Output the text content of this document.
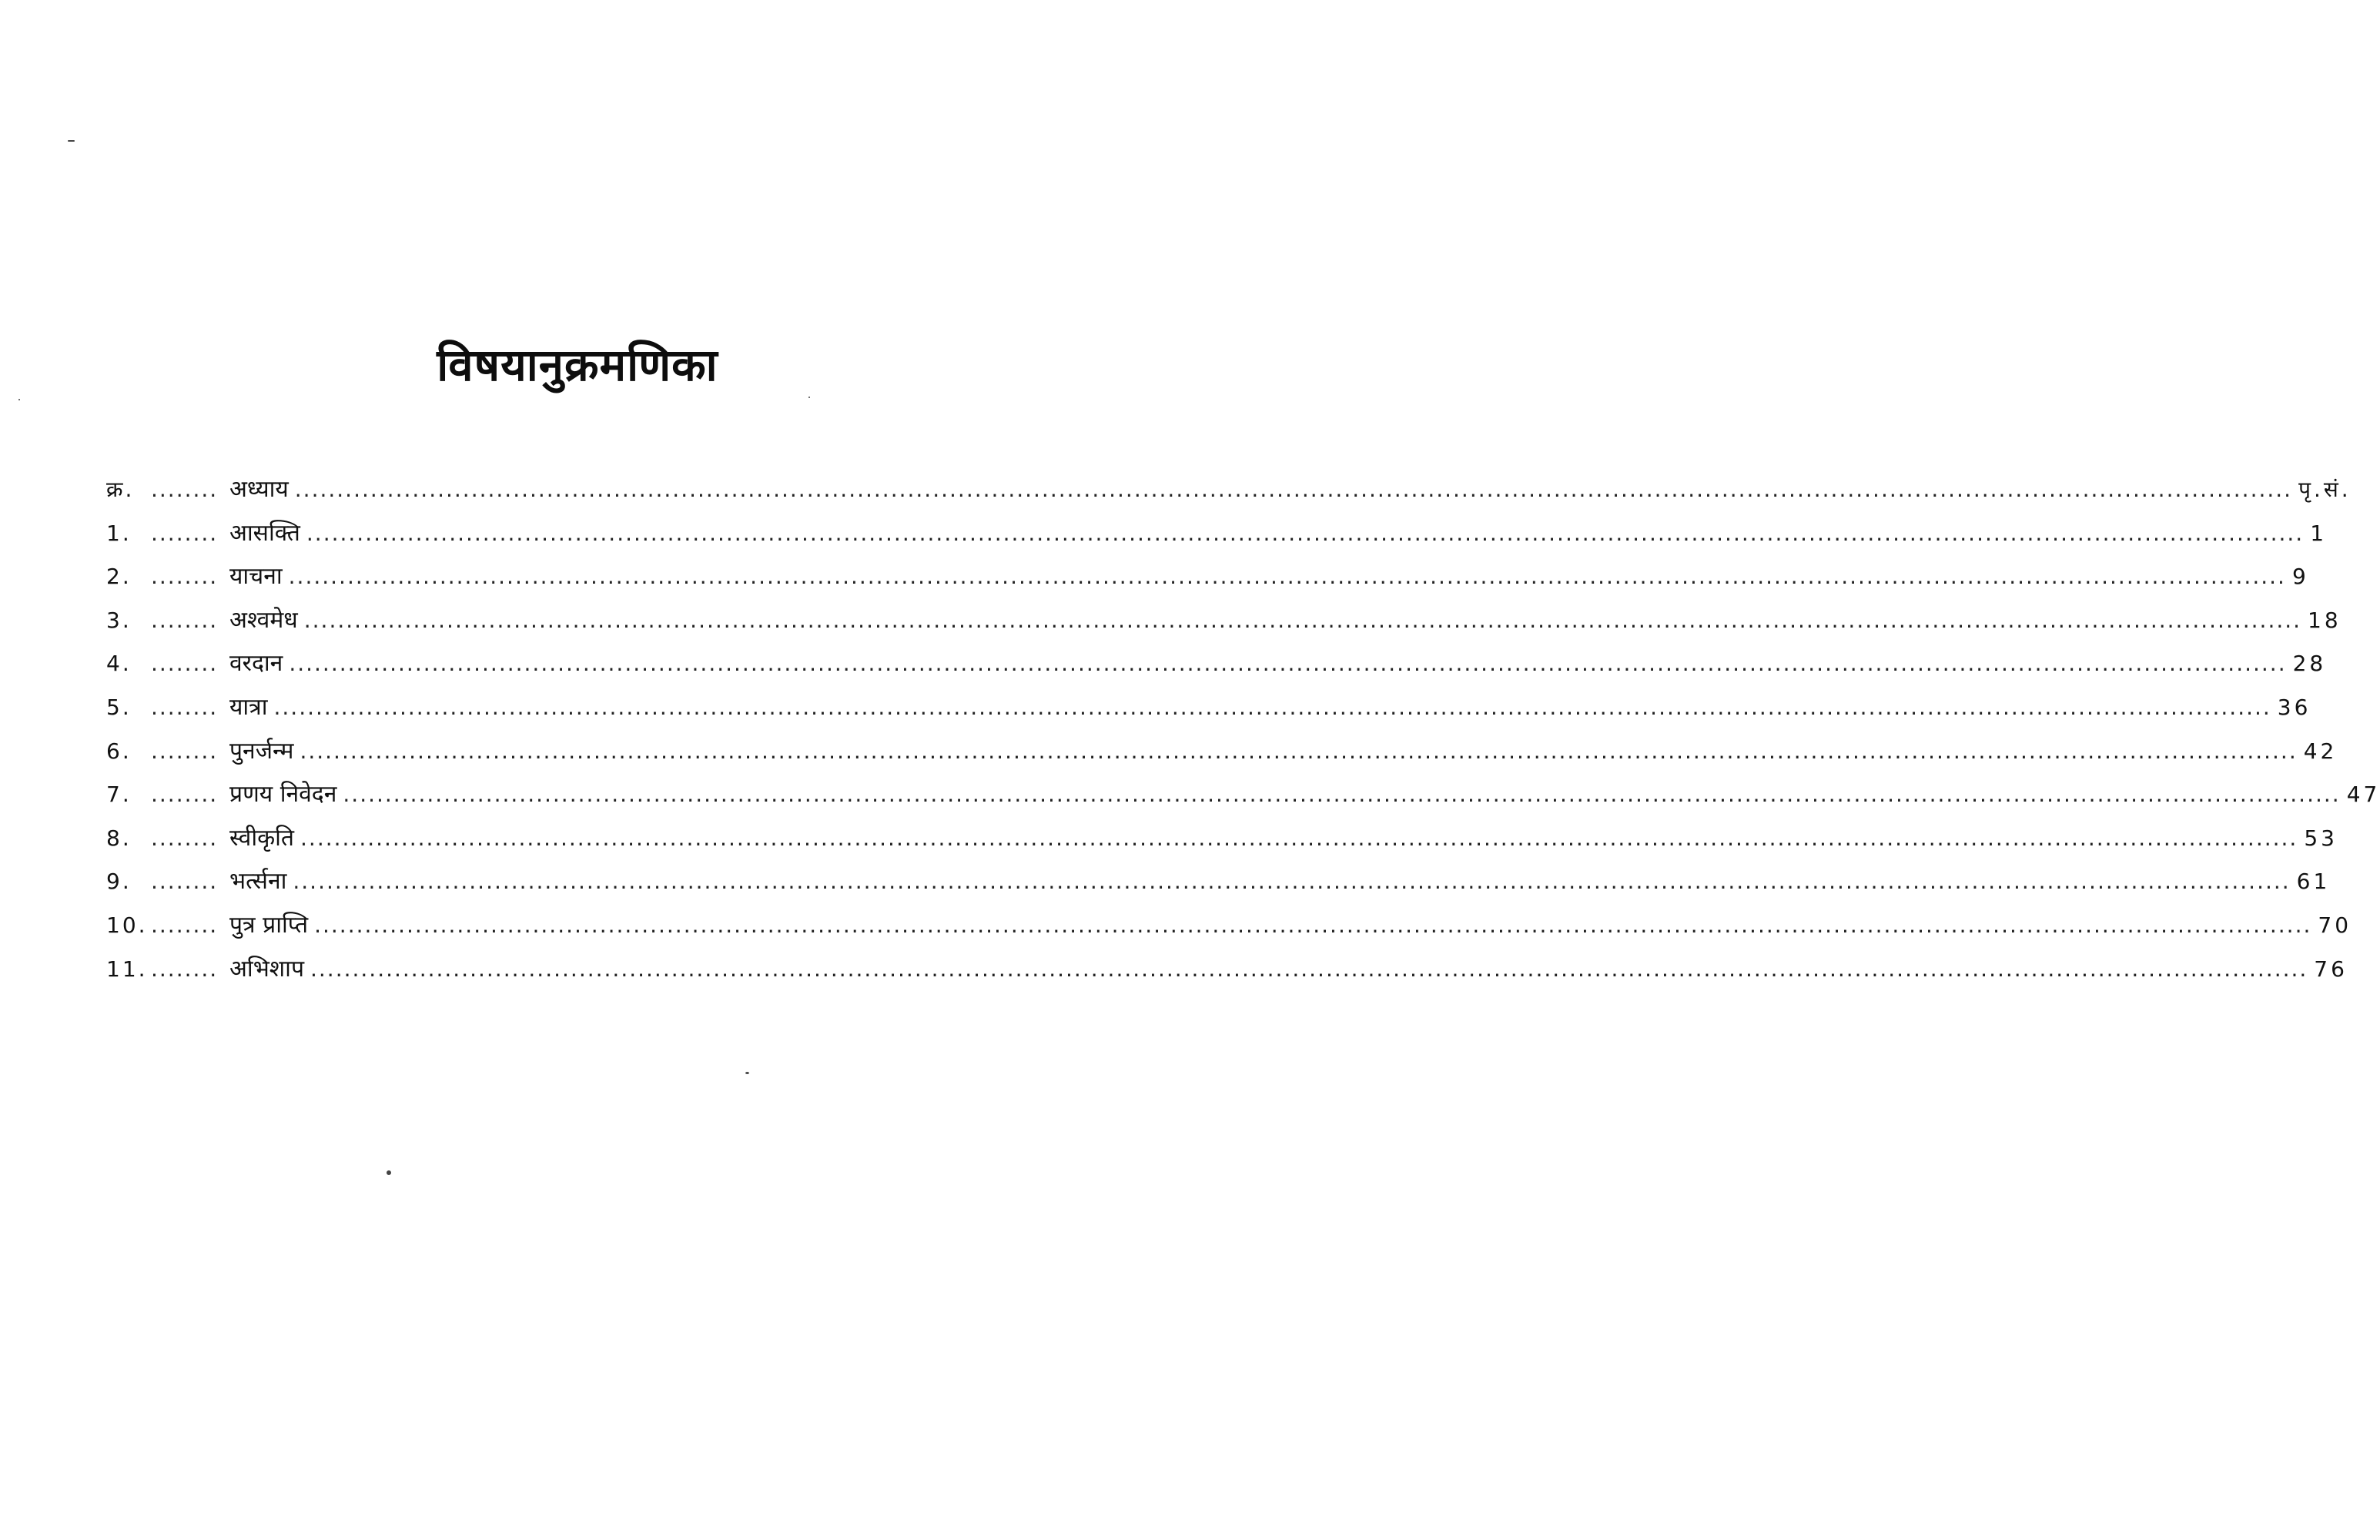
विषयानुक्रमणिका
क्र. ........ अध्याय .............................................................................................................................................................................................................................................. पृ.सं.
1. ........ आसक्ति .............................................................................................................................................................................................................................................. 1
2. ........ याचना .............................................................................................................................................................................................................................................. 9
3. ........ अश्वमेध .............................................................................................................................................................................................................................................. 18
4. ........ वरदान .............................................................................................................................................................................................................................................. 28
5. ........ यात्रा .............................................................................................................................................................................................................................................. 36
6. ........ पुनर्जन्म .............................................................................................................................................................................................................................................. 42
7. ........ प्रणय निवेदन .............................................................................................................................................................................................................................................. 47
8. ........ स्वीकृति .............................................................................................................................................................................................................................................. 53
9. ........ भर्त्सना .............................................................................................................................................................................................................................................. 61
10. ........ पुत्र प्राप्ति .............................................................................................................................................................................................................................................. 70
11. ........ अभिशाप .............................................................................................................................................................................................................................................. 76
